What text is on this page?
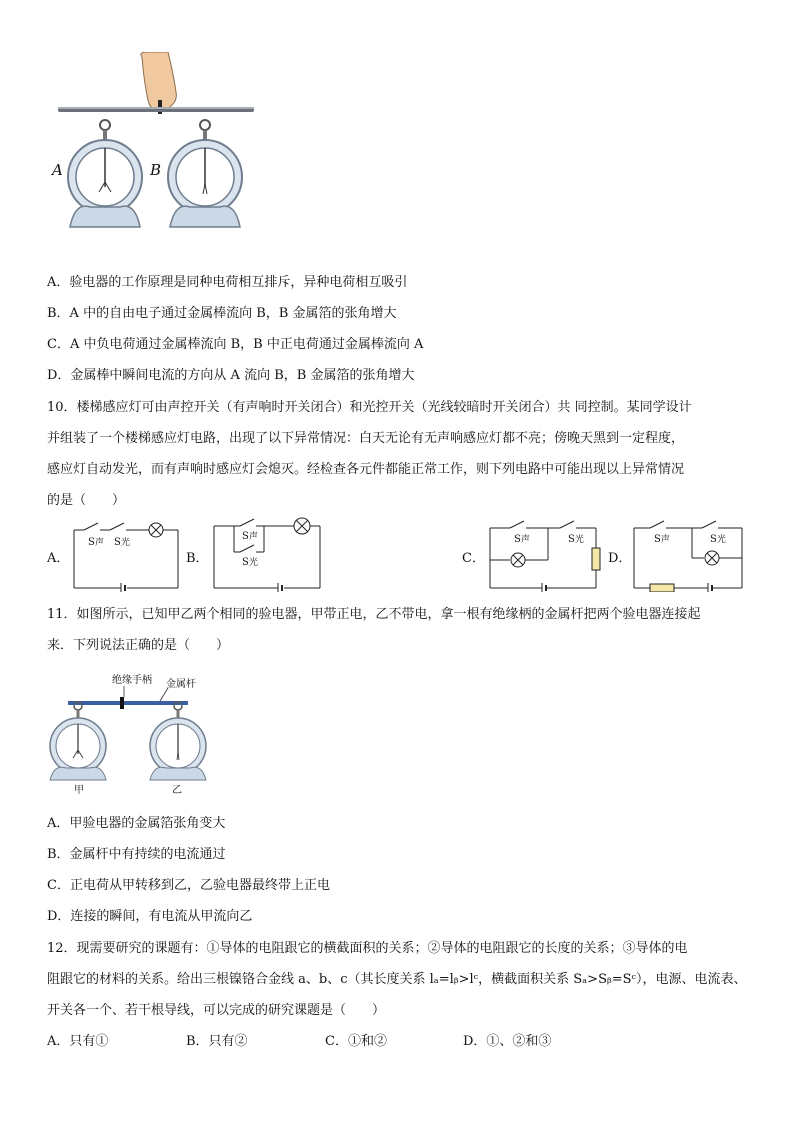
A	B
A．验电器的工作原理是同种电荷相互排斥，异种电荷相互吸引
B．A 中的自由电子通过金属棒流向 B，B 金属箔的张角增大
C．A 中负电荷通过金属棒流向 B，B 中正电荷通过金属棒流向 A
D．金属棒中瞬间电流的方向从 A 流向 B，B 金属箔的张角增大
10．楼梯感应灯可由声控开关（有声响时开关闭合）和光控开关（光线较暗时开关闭合）共 同控制。某同学设计
并组装了一个楼梯感应灯电路，出现了以下异常情况：白天无论有无声响感应灯都不亮；傍晚天黑到一定程度，
感应灯自动发光，而有声响时感应灯会熄灭。经检查各元件都能正常工作，则下列电路中可能出现以上异常情况
的是（　　）
A．
S声 S光
B．
S声
S光	C．
S声	S光
D．
S声	S光
11．如图所示，已知甲乙两个相同的验电器，甲带正电，乙不带电，拿一根有绝缘柄的金属杆把两个验电器连接起
来．下列说法正确的是（　　）
绝缘手柄 金属杆
甲	乙
A．甲验电器的金属箔张角变大
B．金属杆中有持续的电流通过
C．正电荷从甲转移到乙，乙验电器最终带上正电
D．连接的瞬间，有电流从甲流向乙
12．现需要研究的课题有：①导体的电阻跟它的横截面积的关系；②导体的电阻跟它的长度的关系；③导体的电
阻跟它的材料的关系。给出三根镍铬合金线 a、b、c（其长度关系 lₐ=lᵦ>lᶜ，横截面积关系 Sₐ>Sᵦ=Sᶜ），电源、电流表、
开关各一个、若干根导线，可以完成的研究课题是（　　）
A．只有①	B．只有②	C．①和②	D．①、②和③
